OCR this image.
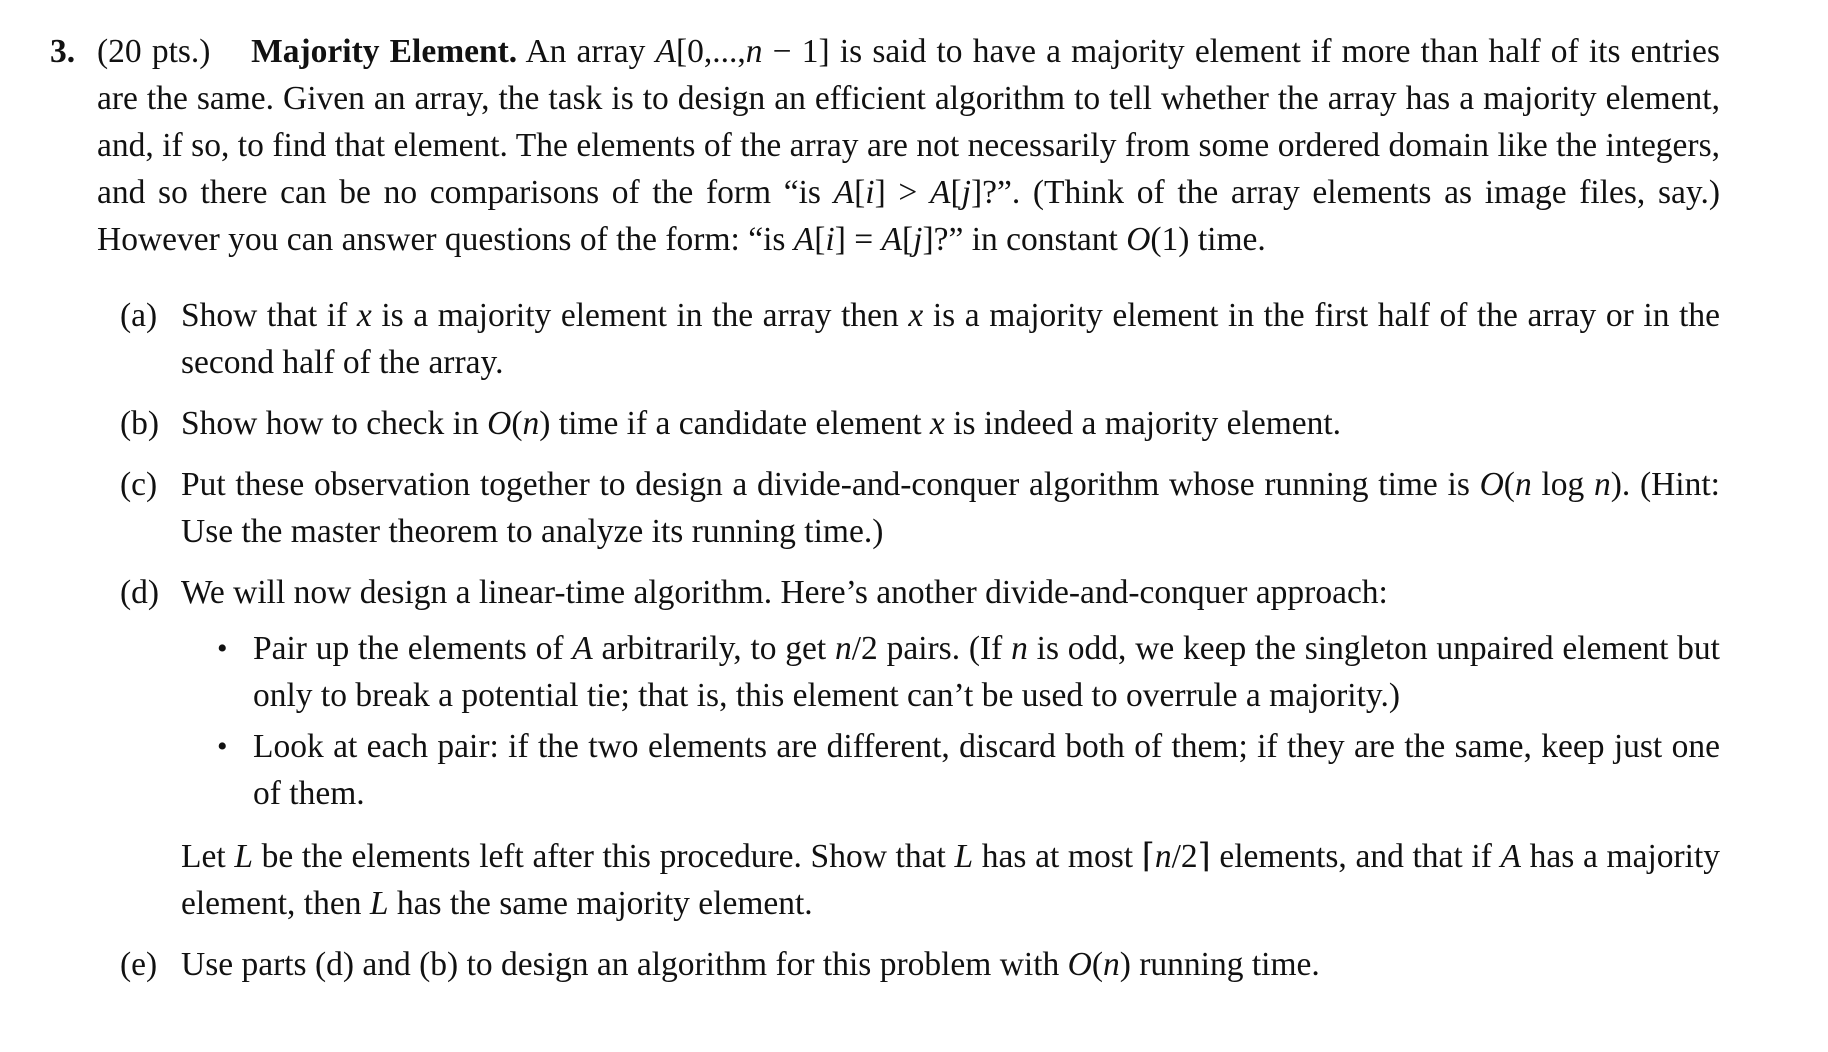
3. (20 pts.) Majority Element. An array A[0,...,n − 1] is said to have a majority element if more than half of its entries are the same. Given an array, the task is to design an efficient algorithm to tell whether the array has a majority element, and, if so, to find that element. The elements of the array are not necessarily from some ordered domain like the integers, and so there can be no comparisons of the form “is A[i] > A[j]?”. (Think of the array elements as image files, say.) However you can answer questions of the form: “is A[i] = A[j]?” in constant O(1) time.
(a) Show that if x is a majority element in the array then x is a majority element in the first half of the array or in the second half of the array.
(b) Show how to check in O(n) time if a candidate element x is indeed a majority element.
(c) Put these observation together to design a divide-and-conquer algorithm whose running time is O(n log n). (Hint: Use the master theorem to analyze its running time.)
(d) We will now design a linear-time algorithm. Here’s another divide-and-conquer approach:
• Pair up the elements of A arbitrarily, to get n/2 pairs. (If n is odd, we keep the singleton unpaired element but only to break a potential tie; that is, this element can’t be used to overrule a majority.)
• Look at each pair: if the two elements are different, discard both of them; if they are the same, keep just one of them.
Let L be the elements left after this procedure. Show that L has at most ⌈n/2⌉ elements, and that if A has a majority element, then L has the same majority element.
(e) Use parts (d) and (b) to design an algorithm for this problem with O(n) running time.
